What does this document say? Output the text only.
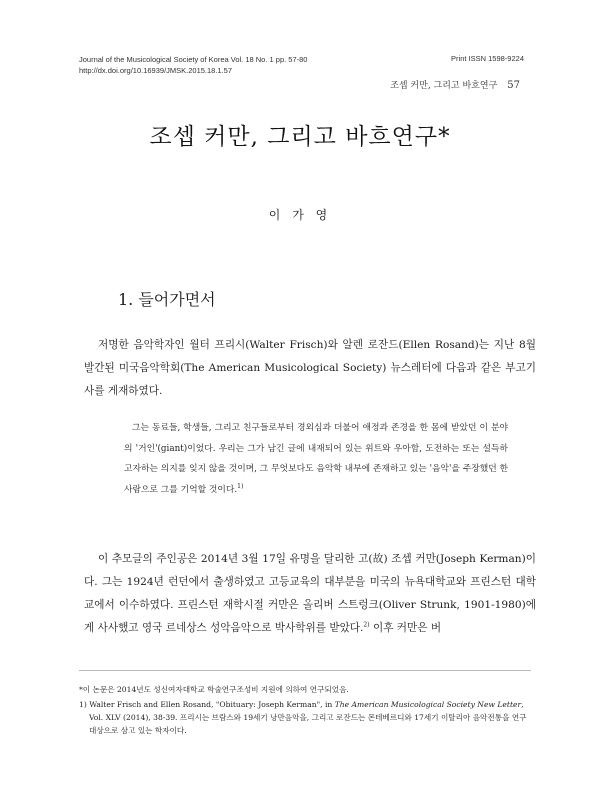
Journal of the Musicological Society of Korea Vol. 18 No. 1 pp. 57-80
http://dx.doi.org/10.16939/JMSK.2015.18.1.57
Print ISSN 1598-9224
조셉 커만, 그리고 바흐연구 57
조셉 커만, 그리고 바흐연구*
이 가 영
1. 들어가면서

저명한 음악학자인 월터 프리시(Walter Frisch)와 알렌 로잔드(Ellen Rosand)는 지난 8월 발간된 미국음악학회(The American Musicological Society) 뉴스레터에 다음과 같은 부고기사를 게재하였다.

그는 동료들, 학생들, 그리고 친구들로부터 경외심과 더불어 애정과 존경을 한 몸에 받았던 이 분야의 '거인'(giant)이었다. 우리는 그가 남긴 글에 내재되어 있는 위트와 우아함, 도전하는 또는 설득하고자하는 의지를 잊지 않을 것이며, 그 무엇보다도 음악학 내부에 존재하고 있는 '음악'을 주장했던 한 사람으로 그를 기억할 것이다.$^{1)}$

이 추모글의 주인공은 2014년 3월 17일 유명을 달리한 고(故) 조셉 커만(Joseph Kerman)이다. 그는 1924년 런던에서 출생하였고 고등교육의 대부분을 미국의 뉴욕대학교와 프린스턴 대학교에서 이수하였다. 프린스턴 재학시절 커만은 올리버 스트렁크(Oliver Strunk, 1901-1980)에게 사사했고 영국 르네상스 성악음악으로 박사학위를 받았다.$^{2)}$ 이후 커만은 버

*이 논문은 2014년도 성신여자대학교 학술연구조성비 지원에 의하여 연구되었음.

1) Walter Frisch and Ellen Rosand, "Obituary: Joseph Kerman", in The American Musicological Society New Letter, Vol. XLV (2014), 38-39. 프리시는 브람스와 19세기 낭만음악을, 그리고 로잔드는 몬테베르디와 17세기 이탈리아 음악전통을 연구대상으로 삼고 있는 학자이다.
